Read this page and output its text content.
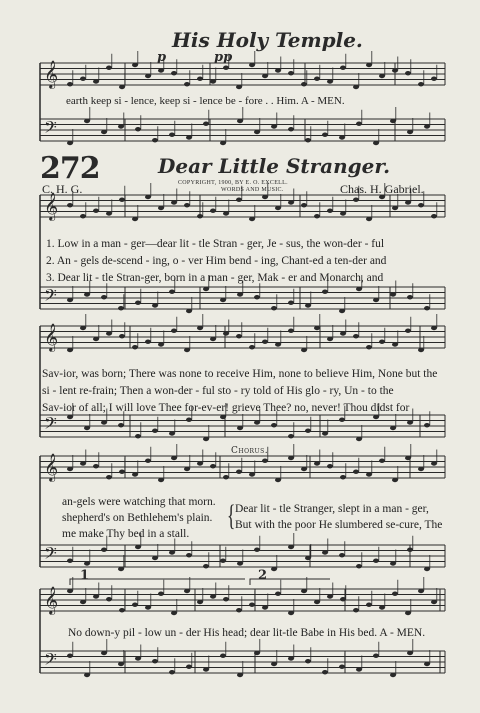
𝄞
𝄢
𝄞
𝄢
𝄞
𝄢
𝄞
𝄢
𝄞
𝄢
His Holy Temple.
p	pp
earth keep si - lence, keep si - lence be - fore . . Him. A - MEN.
272	Dear Little Stranger.
C. H. G.	COPYRIGHT, 1900, BY E. O. EXCELL.
WORDS AND MUSIC.	Chas. H. Gabriel.
1. Low in a man - ger—dear lit - tle Stran - ger, Je - sus, the won-der - ful
2. An - gels de-scend - ing, o - ver Him bend - ing, Chant-ed a ten-der and
3. Dear lit - tle Stran-ger, born in a man - ger, Mak - er and Monarch, and
Sav-ior, was born; There was none to receive Him, none to believe Him, None but the
si - lent re-frain; Then a won-der - ful sto - ry told of His glo - ry, Un - to the
Sav-ior of all; I will love Thee for-ev-er! grieve Thee? no, never! Thou didst for
Chorus.
an-gels were watching that morn.
shepherd's on Bethlehem's plain.
me make Thy bed in a stall.
{ Dear lit - tle Stranger, slept in a man - ger,
But with the poor He slumbered se-cure, The
1	2
No down-y pil - low un - der His head; dear lit-tle Babe in His bed. A - MEN.
